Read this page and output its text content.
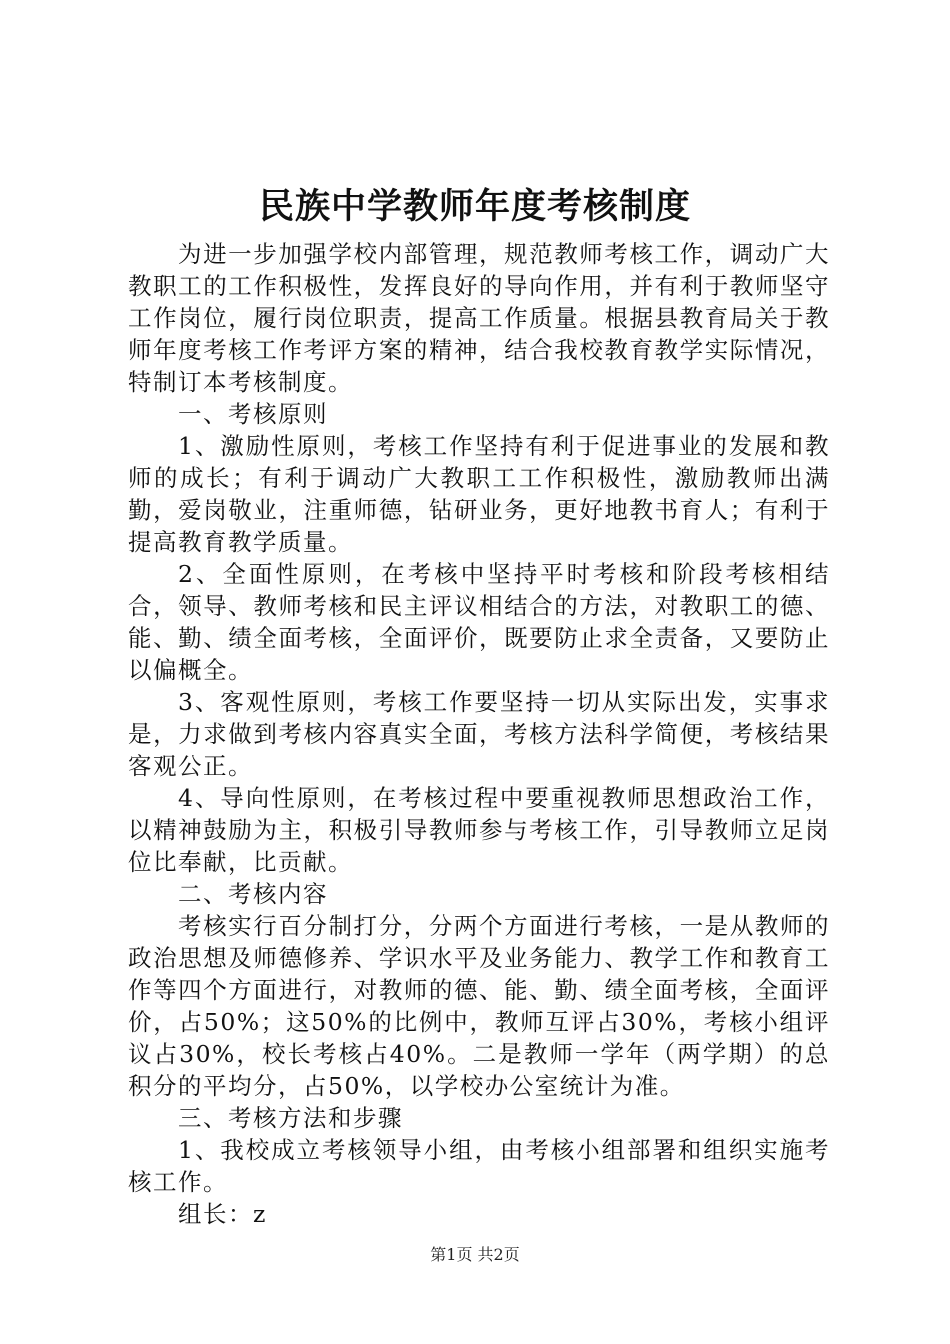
民族中学教师年度考核制度

为进一步加强学校内部管理，规范教师考核工作，调动广大教职工的工作积极性，发挥良好的导向作用，并有利于教师坚守工作岗位，履行岗位职责，提高工作质量。根据县教育局关于教师年度考核工作考评方案的精神，结合我校教育教学实际情况，特制订本考核制度。

一、考核原则

1、激励性原则，考核工作坚持有利于促进事业的发展和教师的成长；有利于调动广大教职工工作积极性，激励教师出满勤，爱岗敬业，注重师德，钻研业务，更好地教书育人；有利于提高教育教学质量。

2、全面性原则，在考核中坚持平时考核和阶段考核相结合，领导、教师考核和民主评议相结合的方法，对教职工的德、能、勤、绩全面考核，全面评价，既要防止求全责备，又要防止以偏概全。

3、客观性原则，考核工作要坚持一切从实际出发，实事求是，力求做到考核内容真实全面，考核方法科学简便，考核结果客观公正。

4、导向性原则，在考核过程中要重视教师思想政治工作，以精神鼓励为主，积极引导教师参与考核工作，引导教师立足岗位比奉献，比贡献。

二、考核内容

考核实行百分制打分，分两个方面进行考核，一是从教师的政治思想及师德修养、学识水平及业务能力、教学工作和教育工作等四个方面进行，对教师的德、能、勤、绩全面考核，全面评价，占50%；这50%的比例中，教师互评占30%，考核小组评议占30%，校长考核占40%。二是教师一学年（两学期）的总积分的平均分，占50%，以学校办公室统计为准。

三、考核方法和步骤

1、我校成立考核领导小组，由考核小组部署和组织实施考核工作。

组长：z

第1页 共2页
